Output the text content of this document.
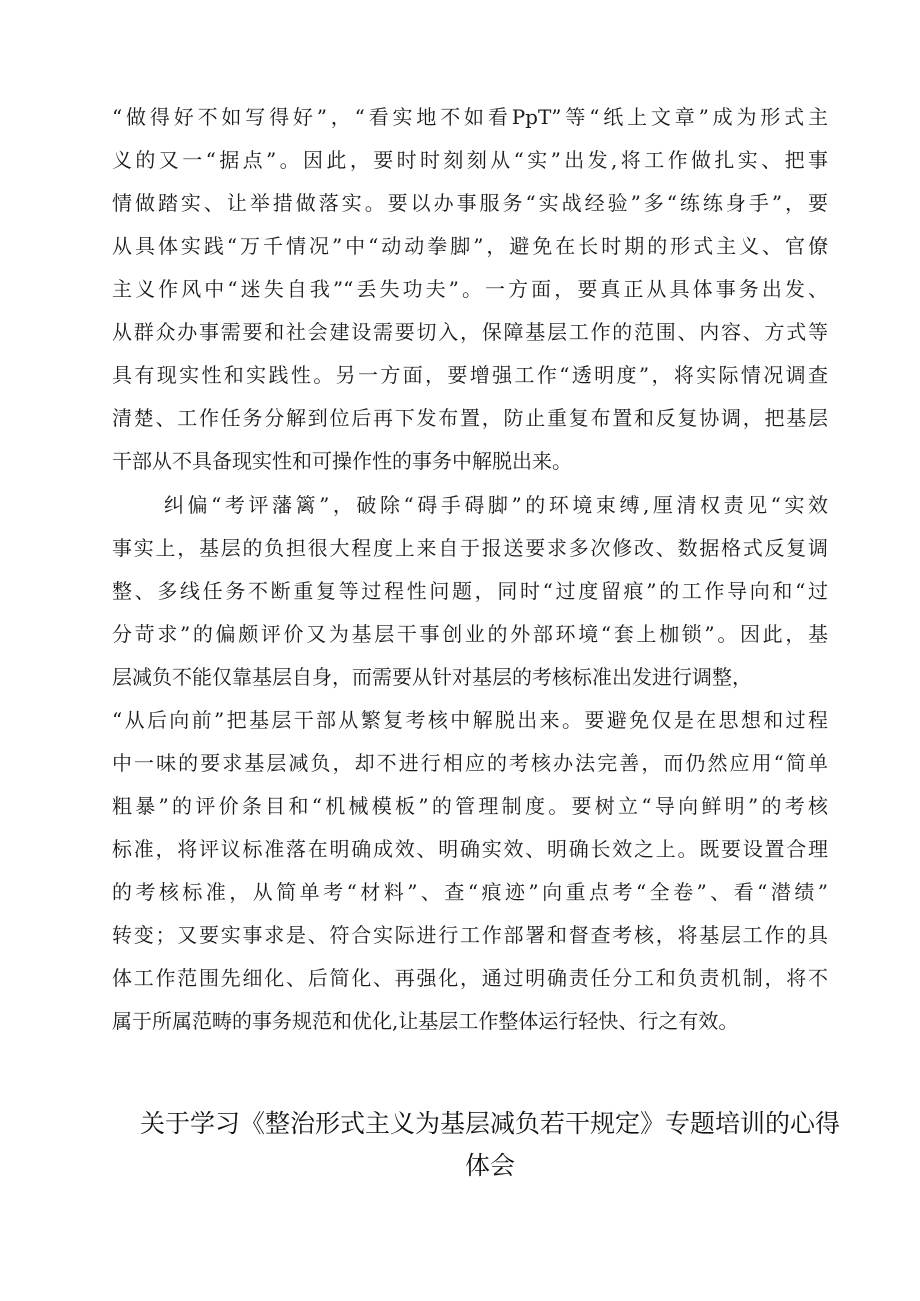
“做得好不如写得好”，“看实地不如看PpT”等“纸上文章”成为形式主
义的又一“据点”。因此，要时时刻刻从“实”出发,将工作做扎实、把事
情做踏实、让举措做落实。要以办事服务“实战经验”多“练练身手”，要
从具体实践“万千情况”中“动动拳脚”，避免在长时期的形式主义、官僚
主义作风中“迷失自我”“丢失功夫”。一方面，要真正从具体事务出发、
从群众办事需要和社会建设需要切入，保障基层工作的范围、内容、方式等
具有现实性和实践性。另一方面，要增强工作“透明度”，将实际情况调查
清楚、工作任务分解到位后再下发布置，防止重复布置和反复协调，把基层
干部从不具备现实性和可操作性的事务中解脱出来。
纠偏“考评藩篱”，破除“碍手碍脚”的环境束缚,厘清权责见“实效
事实上，基层的负担很大程度上来自于报送要求多次修改、数据格式反复调
整、多线任务不断重复等过程性问题，同时“过度留痕”的工作导向和“过
分苛求”的偏颇评价又为基层干事创业的外部环境“套上枷锁”。因此，基
层减负不能仅靠基层自身，而需要从针对基层的考核标准出发进行调整，
“从后向前”把基层干部从繁复考核中解脱出来。要避免仅是在思想和过程
中一味的要求基层减负，却不进行相应的考核办法完善，而仍然应用“简单
粗暴”的评价条目和“机械模板”的管理制度。要树立“导向鲜明”的考核
标准，将评议标准落在明确成效、明确实效、明确长效之上。既要设置合理
的考核标准，从简单考“材料”、查“痕迹”向重点考“全卷”、看“潜绩”
转变；又要实事求是、符合实际进行工作部署和督查考核，将基层工作的具
体工作范围先细化、后简化、再强化，通过明确责任分工和负责机制，将不
属于所属范畴的事务规范和优化,让基层工作整体运行轻快、行之有效。
关于学习《整治形式主义为基层减负若干规定》专题培训的心得
体会
